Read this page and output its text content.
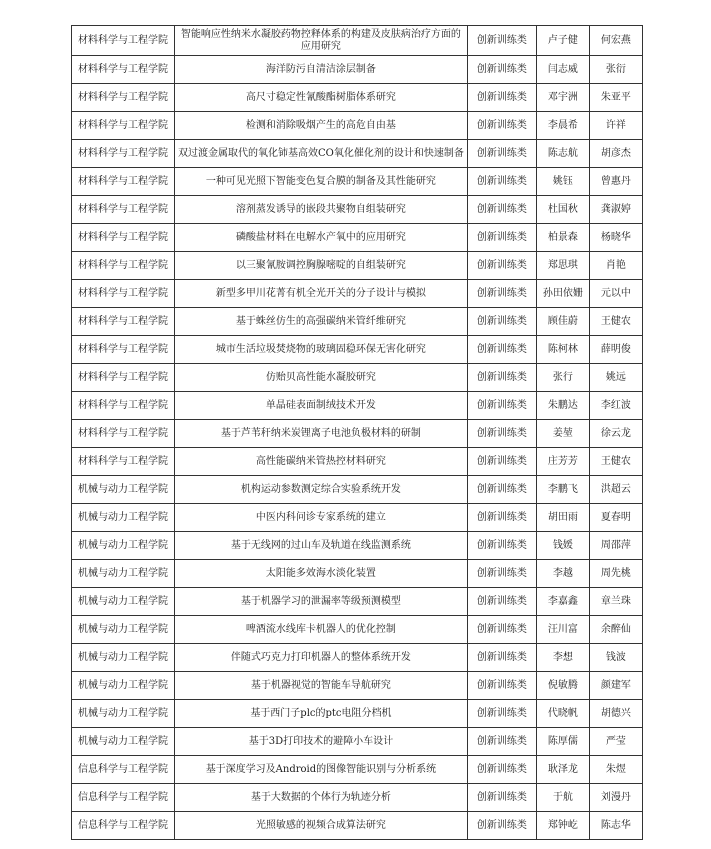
材料科学与工程学院	智能响应性纳米水凝胶药物控释体系的构建及皮肤病治疗方面的应用研究	创新训练类	卢子健	何宏燕
材料科学与工程学院	海洋防污自清洁涂层制备	创新训练类	闫志威	张衍
材料科学与工程学院	高尺寸稳定性氰酸酯树脂体系研究	创新训练类	邓宇洲	朱亚平
材料科学与工程学院	检测和消除吸烟产生的高危自由基	创新训练类	李晨希	许祥
材料科学与工程学院	双过渡金属取代的氧化铈基高效CO氧化催化剂的设计和快速制备	创新训练类	陈志航	胡彦杰
材料科学与工程学院	一种可见光照下智能变色复合膜的制备及其性能研究	创新训练类	姚钰	曾惠丹
材料科学与工程学院	溶剂蒸发诱导的嵌段共聚物自组装研究	创新训练类	杜国秋	龚淑婷
材料科学与工程学院	磷酸盐材料在电解水产氧中的应用研究	创新训练类	柏景森	杨晓华
材料科学与工程学院	以三聚氰胺调控胸腺嘧啶的自组装研究	创新训练类	郑思琪	肖艳
材料科学与工程学院	新型多甲川花菁有机全光开关的分子设计与模拟	创新训练类	孙田依姗	元以中
材料科学与工程学院	基于蛛丝仿生的高强碳纳米管纤维研究	创新训练类	顾佳蔚	王健农
材料科学与工程学院	城市生活垃圾焚烧物的玻璃固稳环保无害化研究	创新训练类	陈柯林	薛明俊
材料科学与工程学院	仿贻贝高性能水凝胶研究	创新训练类	张行	姚远
材料科学与工程学院	单晶硅表面制绒技术开发	创新训练类	朱鹏达	李红波
材料科学与工程学院	基于芦苇秆纳米炭锂离子电池负极材料的研制	创新训练类	姜堃	徐云龙
材料科学与工程学院	高性能碳纳米管热控材料研究	创新训练类	庄芳芳	王健农
机械与动力工程学院	机构运动参数测定综合实验系统开发	创新训练类	李鹏飞	洪超云
机械与动力工程学院	中医内科问诊专家系统的建立	创新训练类	胡田雨	夏春明
机械与动力工程学院	基于无线网的过山车及轨道在线监测系统	创新训练类	钱媛	周邵萍
机械与动力工程学院	太阳能多效海水淡化装置	创新训练类	李越	周先桃
机械与动力工程学院	基于机器学习的泄漏率等级预测模型	创新训练类	李嘉鑫	章兰珠
机械与动力工程学院	啤酒流水线库卡机器人的优化控制	创新训练类	汪川富	余醉仙
机械与动力工程学院	伴随式巧克力打印机器人的整体系统开发	创新训练类	李想	钱波
机械与动力工程学院	基于机器视觉的智能车导航研究	创新训练类	倪敏腾	颜建军
机械与动力工程学院	基于西门子plc的ptc电阻分档机	创新训练类	代晓帆	胡德兴
机械与动力工程学院	基于3D打印技术的避障小车设计	创新训练类	陈厚儒	严莹
信息科学与工程学院	基于深度学习及Android的图像智能识别与分析系统	创新训练类	耿泽龙	朱煜
信息科学与工程学院	基于大数据的个体行为轨迹分析	创新训练类	于航	刘漫丹
信息科学与工程学院	光照敏感的视频合成算法研究	创新训练类	郑钟屹	陈志华
